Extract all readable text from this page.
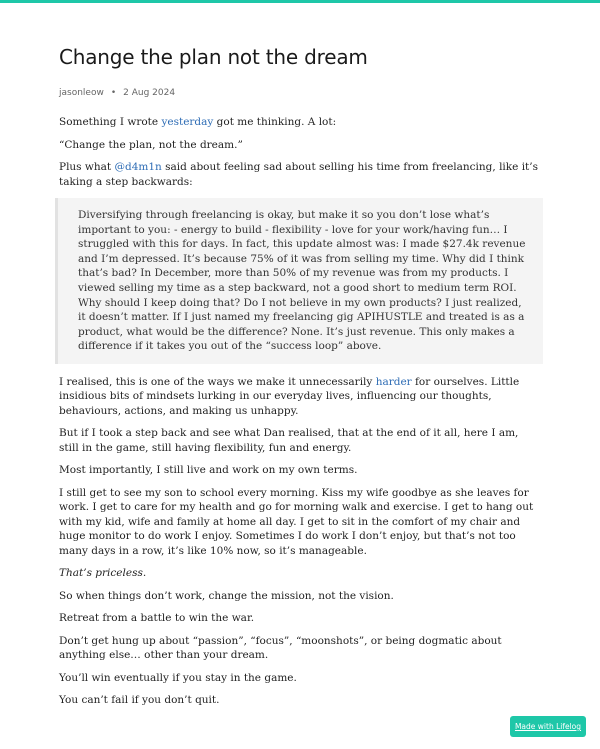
Change the plan not the dream
jasonleow • 2 Aug 2024

Something I wrote yesterday got me thinking. A lot:

“Change the plan, not the dream.”

Plus what @d4m1n said about feeling sad about selling his time from freelancing, like it’s taking a step backwards:

Diversifying through freelancing is okay, but make it so you don’t lose what’s important to you: - energy to build - flexibility - love for your work/having fun… I struggled with this for days. In fact, this update almost was: I made $27.4k revenue and I’m depressed. It’s because 75% of it was from selling my time. Why did I think that’s bad? In December, more than 50% of my revenue was from my products. I viewed selling my time as a step backward, not a good short to medium term ROI. Why should I keep doing that? Do I not believe in my own products? I just realized, it doesn’t matter. If I just named my freelancing gig APIHUSTLE and treated is as a product, what would be the difference? None. It’s just revenue. This only makes a difference if it takes you out of the “success loop” above.

I realised, this is one of the ways we make it unnecessarily harder for ourselves. Little insidious bits of mindsets lurking in our everyday lives, influencing our thoughts, behaviours, actions, and making us unhappy.

But if I took a step back and see what Dan realised, that at the end of it all, here I am, still in the game, still having flexibility, fun and energy.

Most importantly, I still live and work on my own terms.

I still get to see my son to school every morning. Kiss my wife goodbye as she leaves for work. I get to care for my health and go for morning walk and exercise. I get to hang out with my kid, wife and family at home all day. I get to sit in the comfort of my chair and huge monitor to do work I enjoy. Sometimes I do work I don’t enjoy, but that’s not too many days in a row, it’s like 10% now, so it’s manageable.

That’s priceless.

So when things don’t work, change the mission, not the vision.

Retreat from a battle to win the war.

Don’t get hung up about “passion”, “focus”, “moonshots”, or being dogmatic about anything else… other than your dream.

You’ll win eventually if you stay in the game.

You can’t fail if you don’t quit.

Made with Lifelog
